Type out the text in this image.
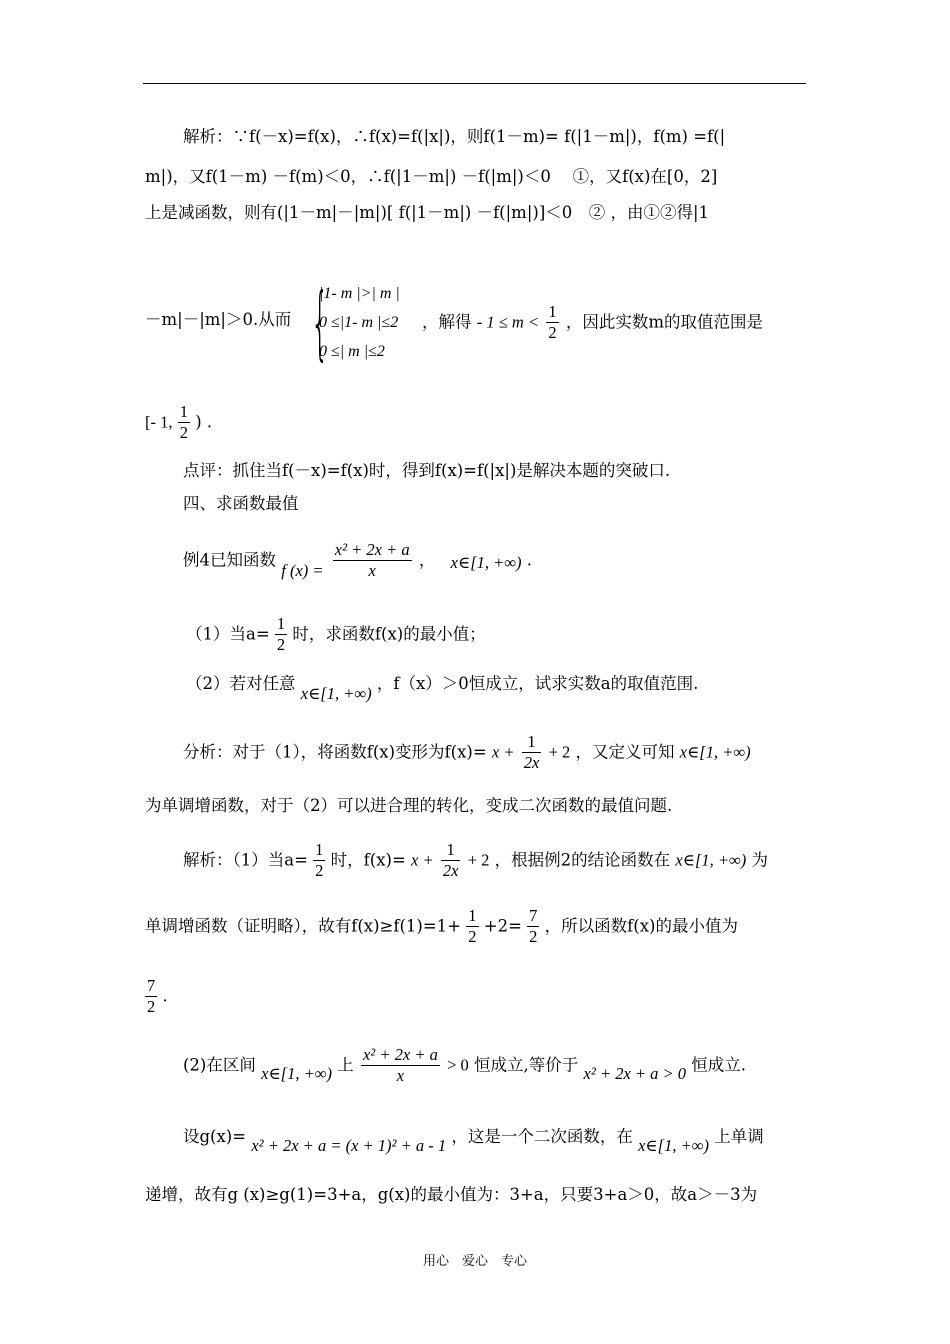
解析：∵f(－x)=f(x)，∴f(x)=f(|x|)，则f(1－m)= f(|1－m|)，f(m) =f(|
m|)，又f(1－m) －f(m)＜0，∴f(|1－m|) －f(|m|)＜0　 ①，又f(x)在[0，2]
上是减函数，则有(|1－m|－|m|)[ f(|1－m|) －f(|m|)]＜0　② ，由①②得|1
－m|－|m|＞0.从而 {
|1- m |>| m |
0 ≤|1- m |≤2
0 ≤| m |≤2
，解得 - $1 \le m < \frac{1}{2}$ ，因此实数m的取值范围是
[- 1, $\frac{1}{2}$ ) .
点评：抓住当f(－x)=f(x)时，得到f(x)=f(|x|)是解决本题的突破口.
四、求函数最值
例4已知函数 f $(x) = \frac{\text{x² + 2x + a}}{x}$ ， x∈[1, +∞) .
（1）当$a= \frac{1}{2}$ 时，求函数f(x)的最小值；
（2）若对任意 x∈[1, +∞) ，f（x）＞0恒成立，试求实数a的取值范围.
分析：对于（1），将函数f(x)变形为$f(x)= x + \frac{1}{2x} + 2$ ，又定义可知 x∈[1, +∞)
为单调增函数，对于（2）可以进合理的转化，变成二次函数的最值问题.
解析：（1）当$a= \frac{1}{2}$ 时，$f(x)= x + \frac{1}{2x} + 2$ ，根据例2的结论函数在 x∈[1, +∞) 为
单调增函数（证明略），故有$f(x)\ge f(1)=1+ \frac{1}{2} +2= \frac{7}{2}$ ，所以函数f(x)的最小值为
$\frac{7}{2}$ .
(2)在区间 x∈[1, +∞) 上 $\frac{\text{x² + 2x + a}}{x} > 0$ 恒成立,等价于 x² + 2x + a > 0 恒成立.
设g(x)= x² + 2x + a = (x + 1)² + a - 1 ，这是一个二次函数，在 x∈[1, +∞) 上单调
递增，故有g (x)≥g(1)=3+a，g(x)的最小值为：3+a，只要3+a＞0，故a＞－3为
用心　爱心　专心
